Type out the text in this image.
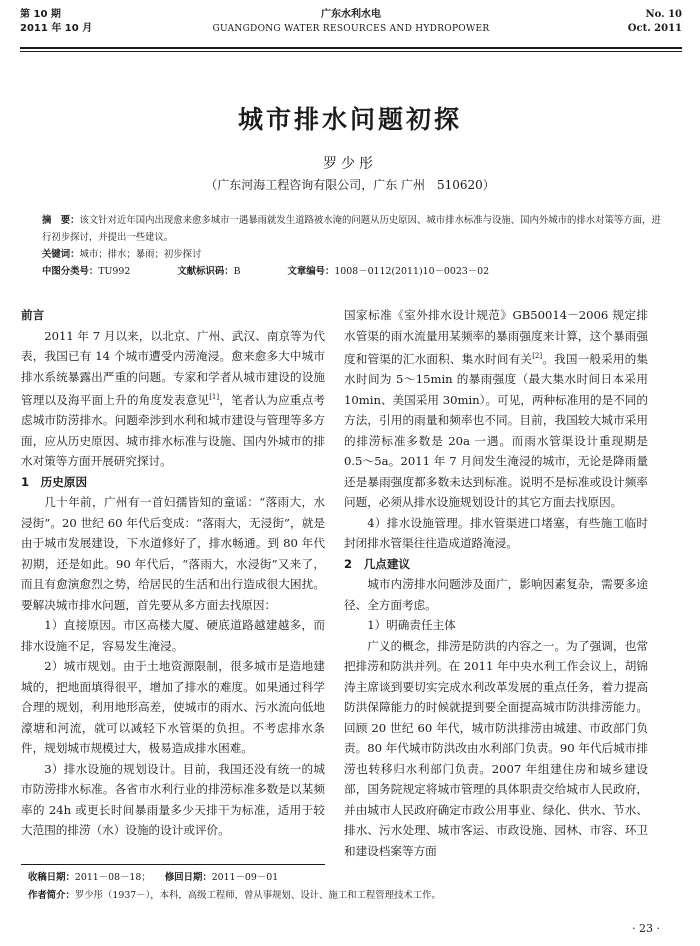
第 10 期
2011 年 10 月
广东水利水电
GUANGDONG WATER RESOURCES AND HYDROPOWER
No. 10
Oct. 2011
城市排水问题初探
罗少彤
（广东河海工程咨询有限公司，广东 广州　510620）
摘　要：该文针对近年国内出现愈来愈多城市一遇暴雨就发生道路被水淹的问题从历史原因、城市排水标准与设施、国内外城市的排水对策等方面，进行初步探讨，并提出一些建议。
关键词：城市；排水；暴雨；初步探讨
中图分类号：TU992	文献标识码：B	文章编号：1008－0112(2011)10－0023－02
前言

2011 年 7 月以来，以北京、广州、武汉、南京等为代表，我国已有 14 个城市遭受内涝淹浸。愈来愈多大中城市排水系统暴露出严重的问题。专家和学者从城市建设的设施管理以及海平面上升的角度发表意见[1]，笔者认为应重点考虑城市防涝排水。问题牵涉到水利和城市建设与管理等多方面，应从历史原因、城市排水标准与设施、国内外城市的排水对策等方面开展研究探讨。

1　历史原因

几十年前，广州有一首妇孺皆知的童谣：“落雨大，水浸街”。20 世纪 60 年代后变成：“落雨大，无浸街”，就是由于城市发展建设，下水道修好了，排水畅通。到 80 年代初期，还是如此。90 年代后，“落雨大，水浸街”又来了，而且有愈演愈烈之势，给居民的生活和出行造成很大困扰。要解决城市排水问题，首先要从多方面去找原因：

1）直接原因。市区高楼大厦、硬底道路越建越多，而排水设施不足，容易发生淹浸。

2）城市规划。由于土地资源限制，很多城市是造地建城的，把地面填得很平，增加了排水的难度。如果通过科学合理的规划，利用地形高差，使城市的雨水、污水流向低地濠塘和河流，就可以减轻下水管渠的负担。不考虑排水条件，规划城市规模过大，极易造成排水困难。

3）排水设施的规划设计。目前，我国还没有统一的城市防涝排水标准。各省市水利行业的排涝标准多数是以某频率的 24h 或更长时间暴雨量多少天排干为标准，适用于较大范围的排涝（水）设施的设计或评价。

国家标准《室外排水设计规范》GB50014－2006 规定排水管渠的雨水流量用某频率的暴雨强度来计算，这个暴雨强度和管渠的汇水面积、集水时间有关[2]。我国一般采用的集水时间为 5～15min 的暴雨强度（最大集水时间日本采用 10min、美国采用 30min）。可见，两种标准用的是不同的方法，引用的雨量和频率也不同。目前，我国较大城市采用的排涝标准多数是 20a 一遇。而雨水管渠设计重现期是 0.5～5a。2011 年 7 月间发生淹浸的城市，无论是降雨量还是暴雨强度都多数未达到标准。说明不是标准或设计频率问题，必须从排水设施规划设计的其它方面去找原因。

4）排水设施管理。排水管渠进口堵塞，有些施工临时封闭排水管渠往往造成道路淹浸。

2　几点建议

城市内涝排水问题涉及面广，影响因素复杂，需要多途径、全方面考虑。

1）明确责任主体

广义的概念，排涝是防洪的内容之一。为了强调，也常把排涝和防洪并列。在 2011 年中央水利工作会议上，胡锦涛主席谈到要切实完成水利改革发展的重点任务，着力提高防洪保障能力的时候就提到要全面提高城市防洪排涝能力。回顾 20 世纪 60 年代，城市防洪排涝由城建、市政部门负责。80 年代城市防洪改由水利部门负责。90 年代后城市排涝也转移归水利部门负责。2007 年组建住房和城乡建设部，国务院规定将城市管理的具体职责交给城市人民政府，并由城市人民政府确定市政公用事业、绿化、供水、节水、排水、污水处理、城市客运、市政设施、园林、市容、环卫和建设档案等方面

收稿日期：2011－08－18；　　 修回日期：2011－09－01
作者简介：罗少彤（1937－），本科，高级工程师，曾从事规划、设计、施工和工程管理技术工作。
· 23 ·
